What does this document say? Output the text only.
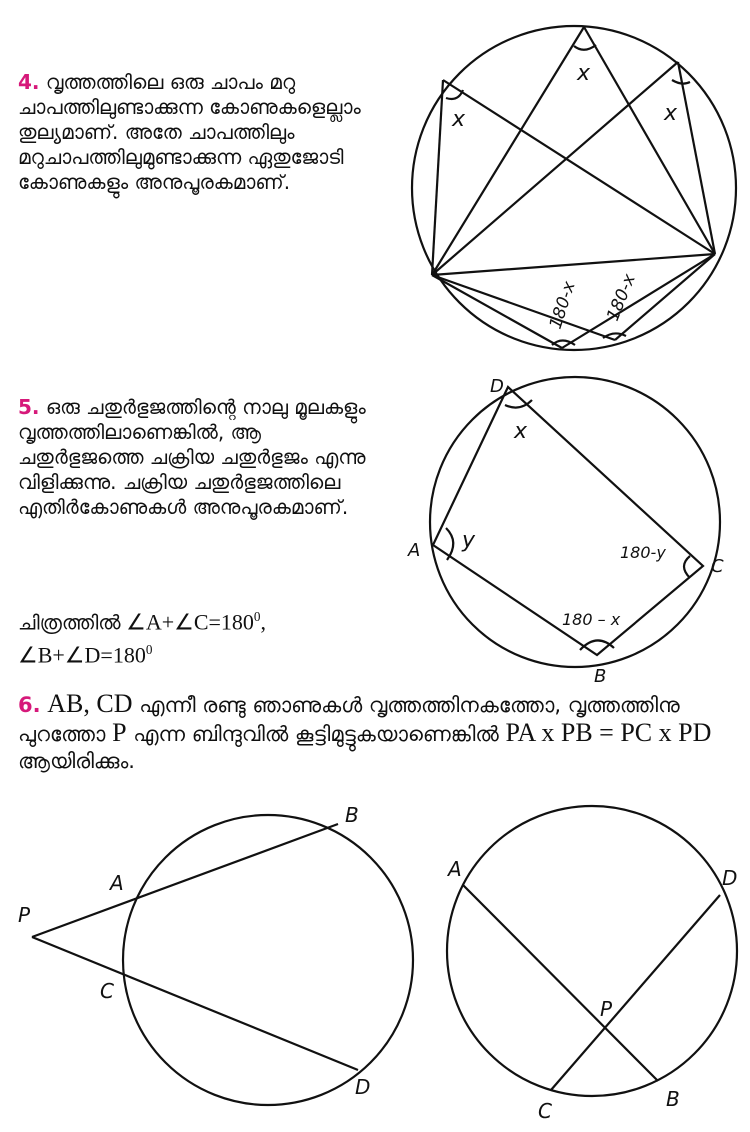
4. വൃത്തത്തിലെ ഒരു ചാപം മറു ചാപത്തിലുണ്ടാക്കുന്ന കോണുകളെല്ലാം തുല്യമാണ്. അതേ ചാപത്തിലും മറുചാപത്തിലുമുണ്ടാക്കുന്ന ഏതുജോടി കോണുകളും അനുപൂരകമാണ്.
x
x
x
180-x 180-x
5. ഒരു ചതുർഭുജത്തിന്റെ നാലു മൂലകളും വൃത്തത്തിലാണെങ്കിൽ, ആ ചതുർഭുജത്തെ ചക്രിയ ചതുർഭുജം എന്നു വിളിക്കുന്നു. ചക്രിയ ചതുർഭുജത്തിലെ എതിർകോണുകൾ അനുപൂരകമാണ്.
ചിത്രത്തിൽ $\angle A+\angle C=180^0$,
$\angle B+\angle D=180^0$
D
A
C
B
x
y	180-y
180 – x
6. AB, CD എന്നീ രണ്ടു ഞാണുകൾ വൃത്തത്തിനകത്തോ, വൃത്തത്തിനു പുറത്തോ P എന്ന ബിന്ദുവിൽ കൂട്ടിമുട്ടുകയാണെങ്കിൽ PA x PB = PC x PD ആയിരിക്കും.
P
A
B
C
D
A	D
P
C	B
